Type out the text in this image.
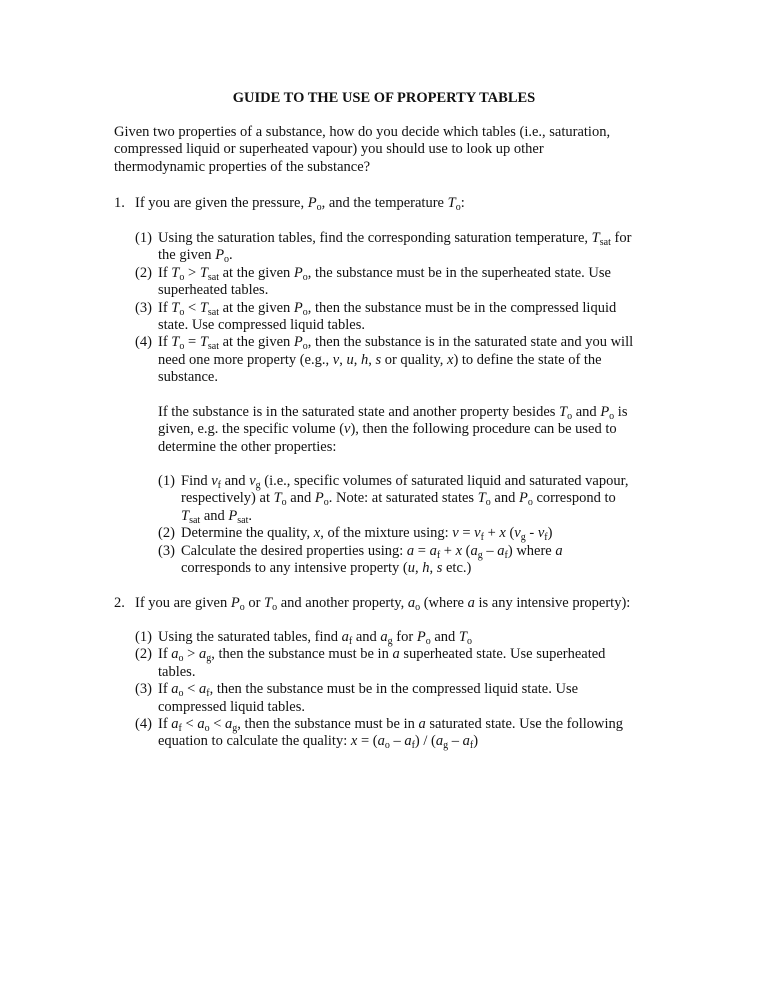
GUIDE TO THE USE OF PROPERTY TABLES
Given two properties of a substance, how do you decide which tables (i.e., saturation,
compressed liquid or superheated vapour) you should use to look up other
thermodynamic properties of the substance?
1. If you are given the pressure, $P_o$, and the temperature $T_o$:
(1) Using the saturation tables, find the corresponding saturation temperature, $T_{sat}$ for
the given $P_o$.
(2) If $T_o > T_{sat}$ at the given $P_o$, the substance must be in the superheated state. Use
superheated tables.
(3) If $T_o < T_{sat}$ at the given $P_o$, then the substance must be in the compressed liquid
state. Use compressed liquid tables.
(4) If $T_o = T_{sat}$ at the given $P_o$, then the substance is in the saturated state and you will
need one more property (e.g., v, u, h, s or quality, x) to define the state of the
substance.
If the substance is in the saturated state and another property besides $T_o$ and $P_o$ is
given, e.g. the specific volume (v), then the following procedure can be used to
determine the other properties:
(1) Find $v_f$ and $v_g$ (i.e., specific volumes of saturated liquid and saturated vapour,
respectively) at $T_o$ and $P_o$. Note: at saturated states $T_o$ and $P_o$ correspond to
$T_{sat}$ and $P_{sat}$.
(2) Determine the quality, x, of the mixture using: $v = v_f + x$ $(v_g - v_f)$
(3) Calculate the desired properties using: $a = a_f + x$ $(a_g - a_f)$ where a
corresponds to any intensive property (u, h, s etc.)
2. If you are given $P_o$ or $T_o$ and another property, $a_o$ (where a is any intensive property):
(1) Using the saturated tables, find $a_f$ and $a_g$ for $P_o$ and $T_o$
(2) If $a_o > a_g$, then the substance must be in a superheated state. Use superheated
tables.
(3) If $a_o < a_f$, then the substance must be in the compressed liquid state. Use
compressed liquid tables.
(4) If $a_f < a_o < a_g$, then the substance must be in a saturated state. Use the following
equation to calculate the quality: $x = (a_o - a_f) / (a_g - a_f)$
